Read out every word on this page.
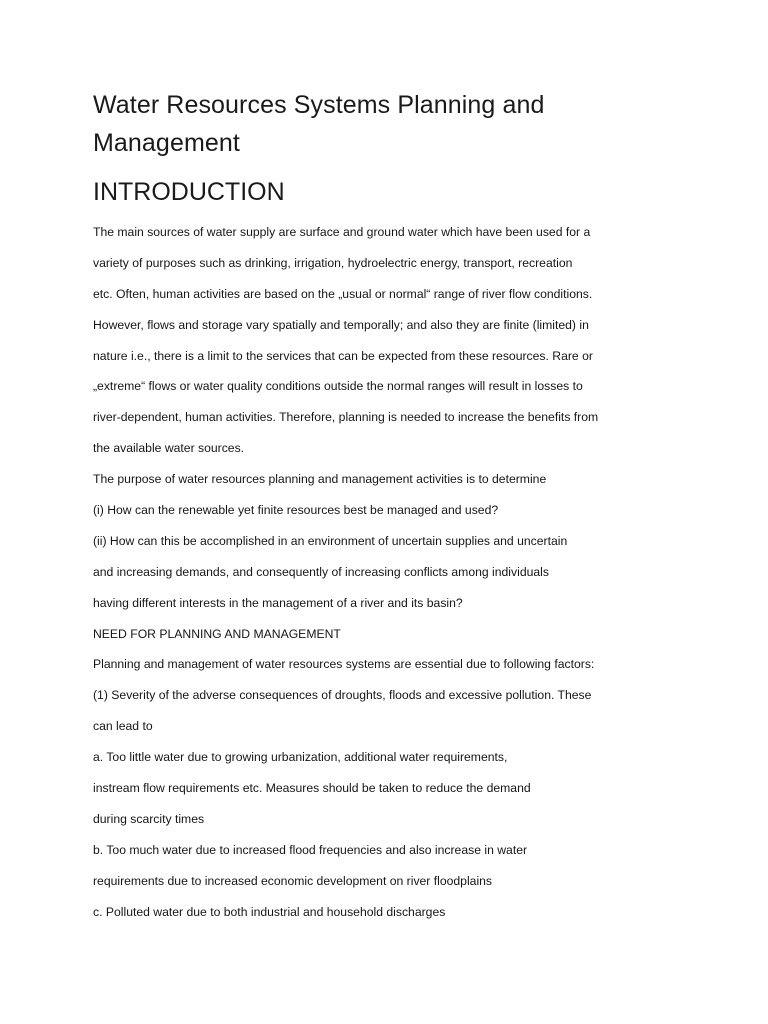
Water Resources Systems Planning and Management
INTRODUCTION
The main sources of water supply are surface and ground water which have been used for a
variety of purposes such as drinking, irrigation, hydroelectric energy, transport, recreation
etc. Often, human activities are based on the „usual or normal“ range of river flow conditions.
However, flows and storage vary spatially and temporally; and also they are finite (limited) in
nature i.e., there is a limit to the services that can be expected from these resources. Rare or
„extreme“ flows or water quality conditions outside the normal ranges will result in losses to
river-dependent, human activities. Therefore, planning is needed to increase the benefits from
the available water sources.
The purpose of water resources planning and management activities is to determine
(i) How can the renewable yet finite resources best be managed and used?
(ii) How can this be accomplished in an environment of uncertain supplies and uncertain
and increasing demands, and consequently of increasing conflicts among individuals
having different interests in the management of a river and its basin?
NEED FOR PLANNING AND MANAGEMENT
Planning and management of water resources systems are essential due to following factors:
(1) Severity of the adverse consequences of droughts, floods and excessive pollution. These
can lead to
a. Too little water due to growing urbanization, additional water requirements,
instream flow requirements etc. Measures should be taken to reduce the demand
during scarcity times
b. Too much water due to increased flood frequencies and also increase in water
requirements due to increased economic development on river floodplains
c. Polluted water due to both industrial and household discharges
